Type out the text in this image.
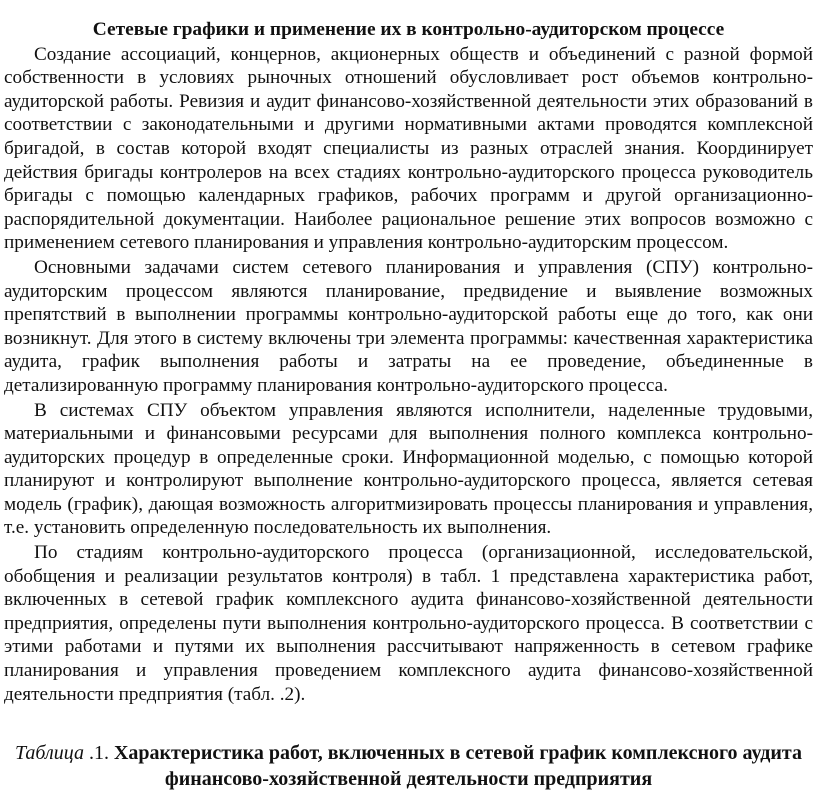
Сетевые графики и применение их в контрольно-аудиторском процессе

Создание ассоциаций, концернов, акционерных обществ и объединений с разной формой собственности в условиях рыночных отношений обусловливает рост объемов контрольно-аудиторской работы. Ревизия и аудит финансово-хозяйственной деятельности этих образований в соответствии с законодательными и другими нормативными актами проводятся комплексной бригадой, в состав которой входят специалисты из разных отраслей знания. Координирует действия бригады контролеров на всех стадиях контрольно-аудиторского процесса руководитель бригады с помощью календарных графиков, рабочих программ и другой организационно-распорядительной документации. Наиболее рациональное решение этих вопросов возможно с применением сетевого планирования и управления контрольно-аудиторским процессом.

Основными задачами систем сетевого планирования и управления (СПУ) контрольно-аудиторским процессом являются планирование, предвидение и выявление возможных препятствий в выполнении программы контрольно-аудиторской работы еще до того, как они возникнут. Для этого в систему включены три элемента программы: качественная характеристика аудита, график выполнения работы и затраты на ее проведение, объединенные в детализированную программу планирования контрольно-аудиторского процесса.

В системах СПУ объектом управления являются исполнители, наделенные трудовыми, материальными и финансовыми ресурсами для выполнения полного комплекса контрольно-аудиторских процедур в определенные сроки. Информационной моделью, с помощью которой планируют и контролируют выполнение контрольно-аудиторского процесса, является сетевая модель (график), дающая возможность алгоритмизировать процессы планирования и управления, т.е. установить определенную последовательность их выполнения.

По стадиям контрольно-аудиторского процесса (организационной, исследовательской, обобщения и реализации результатов контроля) в табл. 1 представлена характеристика работ, включенных в сетевой график комплексного аудита финансово-хозяйственной деятельности предприятия, определены пути выполнения контрольно-аудиторского процесса. В соответствии с этими работами и путями их выполнения рассчитывают напряженность в сетевом графике планирования и управления проведением комплексного аудита финансово-хозяйственной деятельности предприятия (табл. .2).

Таблица .1. Характеристика работ, включенных в сетевой график комплексного аудита финансово-хозяйственной деятельности предприятия
